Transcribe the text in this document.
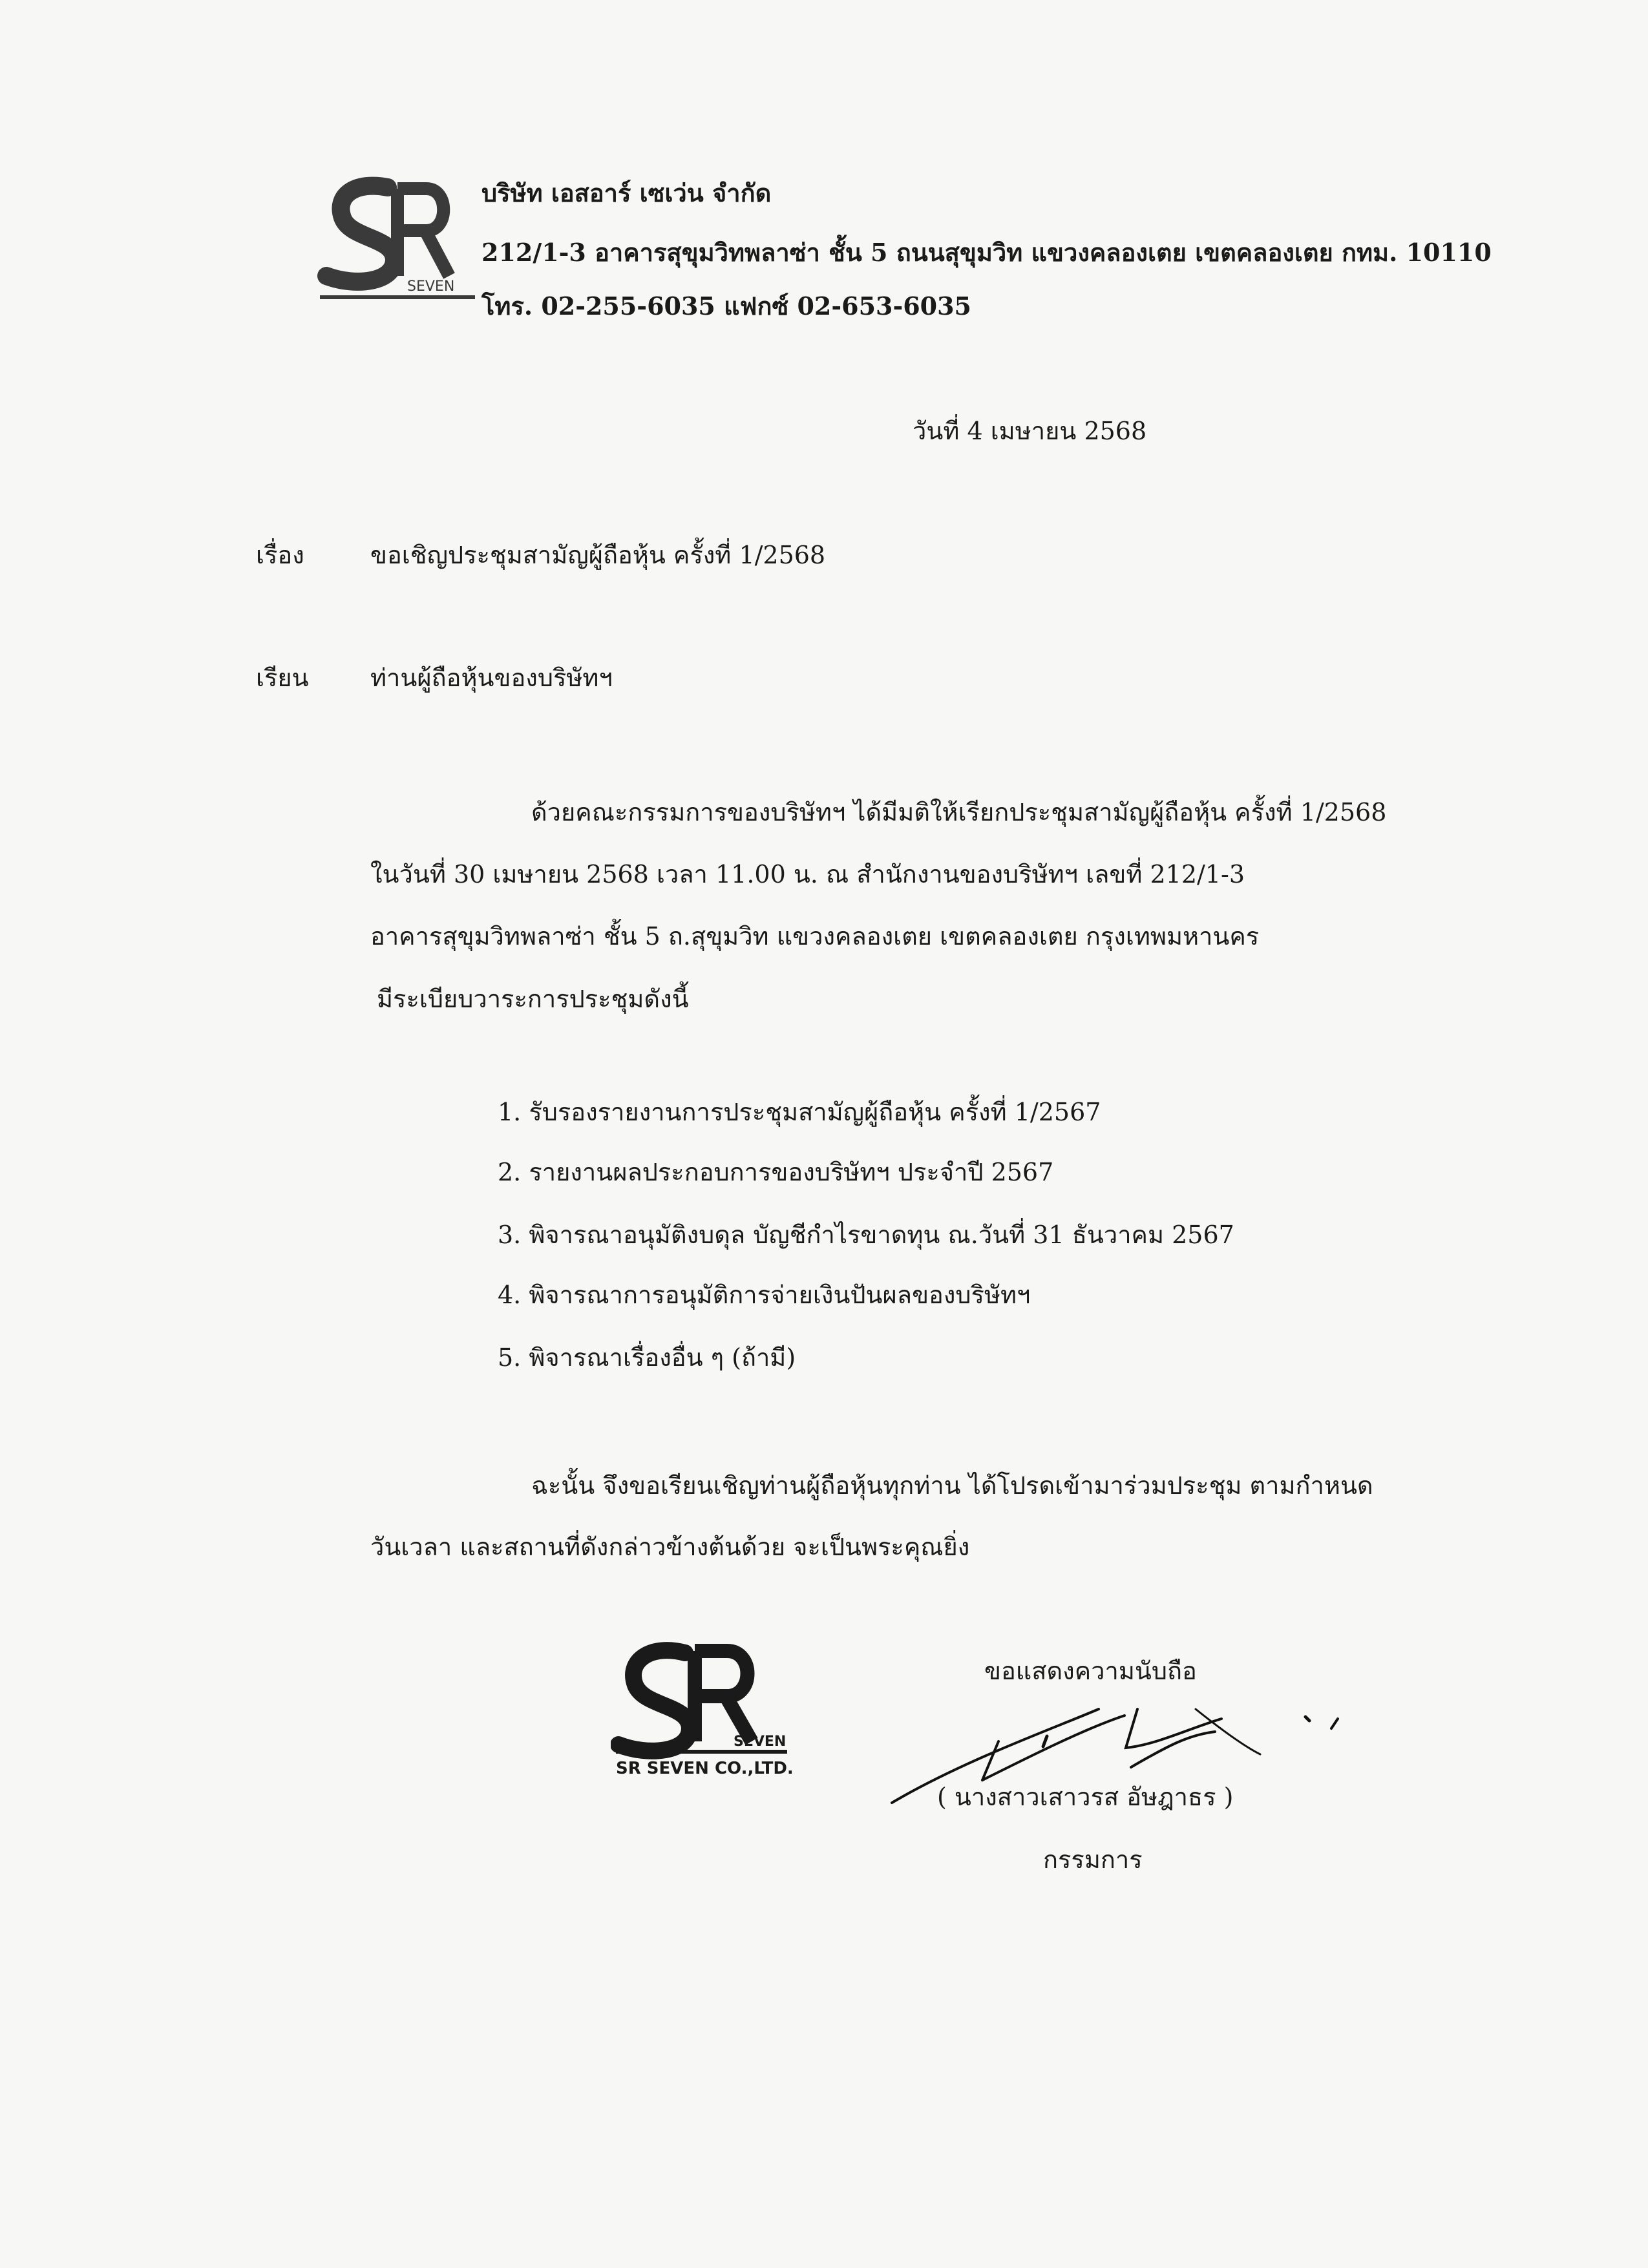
SEVEN
บริษัท เอสอาร์ เซเว่น จำกัด
212/1-3 อาคารสุขุมวิทพลาซ่า ชั้น 5 ถนนสุขุมวิท แขวงคลองเตย เขตคลองเตย กทม. 10110
โทร. 02-255-6035 แฟกซ์ 02-653-6035
วันที่ 4 เมษายน 2568
เรื่อง	ขอเชิญประชุมสามัญผู้ถือหุ้น ครั้งที่ 1/2568
เรียน	ท่านผู้ถือหุ้นของบริษัทฯ
ด้วยคณะกรรมการของบริษัทฯ ได้มีมติให้เรียกประชุมสามัญผู้ถือหุ้น ครั้งที่ 1/2568
ในวันที่ 30 เมษายน 2568 เวลา 11.00 น. ณ สำนักงานของบริษัทฯ เลขที่ 212/1-3
อาคารสุขุมวิทพลาซ่า ชั้น 5 ถ.สุขุมวิท แขวงคลองเตย เขตคลองเตย กรุงเทพมหานคร
มีระเบียบวาระการประชุมดังนี้
1. รับรองรายงานการประชุมสามัญผู้ถือหุ้น ครั้งที่ 1/2567
2. รายงานผลประกอบการของบริษัทฯ ประจำปี 2567
3. พิจารณาอนุมัติงบดุล บัญชีกำไรขาดทุน ณ.วันที่ 31 ธันวาคม 2567
4. พิจารณาการอนุมัติการจ่ายเงินปันผลของบริษัทฯ
5. พิจารณาเรื่องอื่น ๆ (ถ้ามี)
ฉะนั้น จึงขอเรียนเชิญท่านผู้ถือหุ้นทุกท่าน ได้โปรดเข้ามาร่วมประชุม ตามกำหนด
วันเวลา และสถานที่ดังกล่าวข้างต้นด้วย จะเป็นพระคุณยิ่ง
SEVEN
SR SEVEN CO.,LTD.
ขอแสดงความนับถือ
( นางสาวเสาวรส อัษฎาธร )
กรรมการ
